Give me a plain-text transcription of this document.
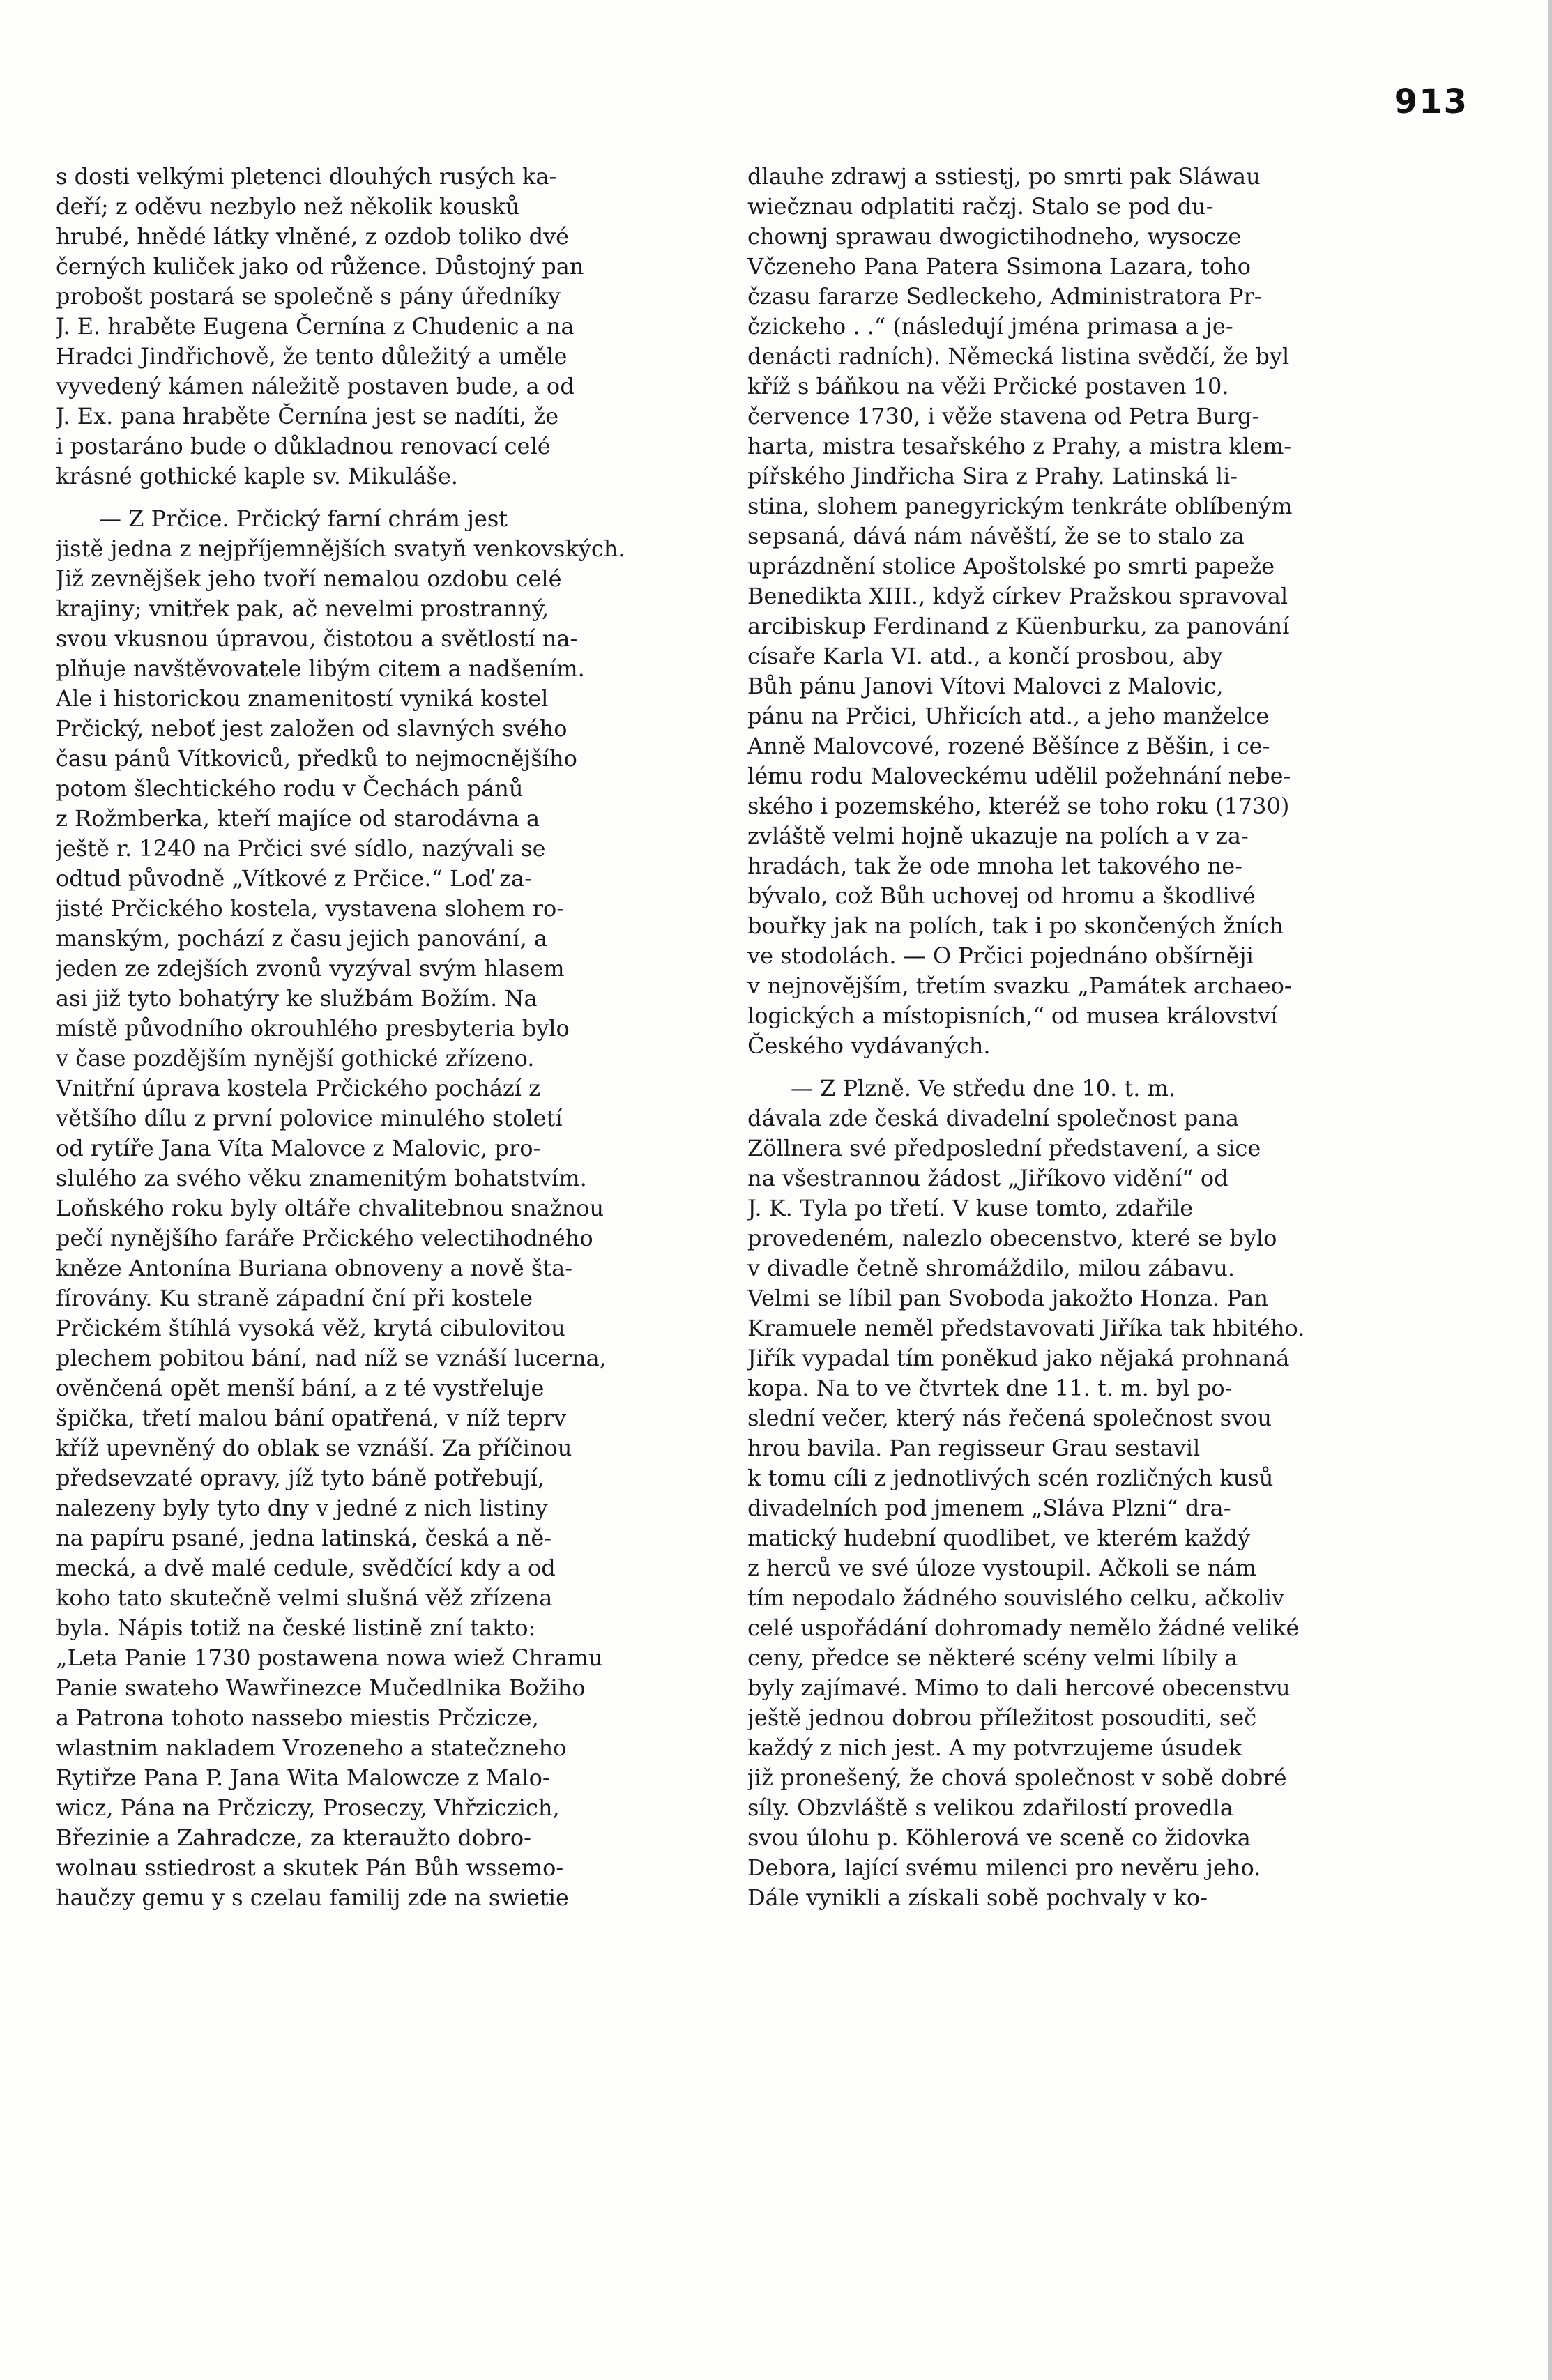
913
s dosti velkými pletenci dlouhých rusých ka-
deří; z oděvu nezbylo než několik kousků
hrubé, hnědé látky vlněné, z ozdob toliko dvé
černých kuliček jako od růžence. Důstojný pan
probošt postará se společně s pány úředníky
J. E. hraběte Eugena Černína z Chudenic a na
Hradci Jindřichově, že tento důležitý a uměle
vyvedený kámen náležitě postaven bude, a od
J. Ex. pana hraběte Černína jest se nadíti, že
i postaráno bude o důkladnou renovací celé
krásné gothické kaple sv. Mikuláše.
— Z Prčice. Prčický farní chrám jest
jistě jedna z nejpříjemnějších svatyň venkovských.
Již zevnějšek jeho tvoří nemalou ozdobu celé
krajiny; vnitřek pak, ač nevelmi prostranný,
svou vkusnou úpravou, čistotou a světlostí na-
plňuje navštěvovatele libým citem a nadšením.
Ale i historickou znamenitostí vyniká kostel
Prčický, neboť jest založen od slavných svého
času pánů Vítkoviců, předků to nejmocnějšího
potom šlechtického rodu v Čechách pánů
z Rožmberka, kteří majíce od starodávna a
ještě r. 1240 na Prčici své sídlo, nazývali se
odtud původně „Vítkové z Prčice.“ Loď za-
jisté Prčického kostela, vystavena slohem ro-
manským, pochází z času jejich panování, a
jeden ze zdejších zvonů vyzýval svým hlasem
asi již tyto bohatýry ke službám Božím. Na
místě původního okrouhlého presbyteria bylo
v čase pozdějším nynější gothické zřízeno.
Vnitřní úprava kostela Prčického pochází z
většího dílu z první polovice minulého století
od rytíře Jana Víta Malovce z Malovic, pro-
slulého za svého věku znamenitým bohatstvím.
Loňského roku byly oltáře chvalitebnou snažnou
pečí nynějšího faráře Prčického velectihodného
kněze Antonína Buriana obnoveny a nově šta-
fírovány. Ku straně západní ční při kostele
Prčickém štíhlá vysoká věž, krytá cibulovitou
plechem pobitou bání, nad níž se vznáší lucerna,
ověnčená opět menší bání, a z té vystřeluje
špička, třetí malou bání opatřená, v níž teprv
kříž upevněný do oblak se vznáší. Za příčinou
předsevzaté opravy, jíž tyto báně potřebují,
nalezeny byly tyto dny v jedné z nich listiny
na papíru psané, jedna latinská, česká a ně-
mecká, a dvě malé cedule, svědčící kdy a od
koho tato skutečně velmi slušná věž zřízena
byla. Nápis totiž na české listině zní takto:
„Leta Panie 1730 postawena nowa wiež Chramu
Panie swateho Wawřinezce Mučedlnika Božiho
a Patrona tohoto nassebo miestis Prčzicze,
wlastnim nakladem Vrozeneho a statečzneho
Rytiřze Pana P. Jana Wita Malowcze z Malo-
wicz, Pána na Prčziczy, Proseczy, Vhřziczich,
Březinie a Zahradcze, za kteraužto dobro-
wolnau sstiedrost a skutek Pán Bůh wssemo-
haučzy gemu y s czelau familij zde na swietie
dlauhe zdrawj a sstiestj, po smrti pak Sláwau
wiečznau odplatiti račzj. Stalo se pod du-
chownj sprawau dwogictihodneho, wysocze
Včzeneho Pana Patera Ssimona Lazara, toho
čzasu fararze Sedleckeho, Administratora Pr-
čzickeho . .“ (následují jména primasa a je-
denácti radních). Německá listina svědčí, že byl
kříž s báňkou na věži Prčické postaven 10.
července 1730, i věže stavena od Petra Burg-
harta, mistra tesařského z Prahy, a mistra klem-
pířského Jindřicha Sira z Prahy. Latinská li-
stina, slohem panegyrickým tenkráte oblíbeným
sepsaná, dává nám návěští, že se to stalo za
uprázdnění stolice Apoštolské po smrti papeže
Benedikta XIII., když církev Pražskou spravoval
arcibiskup Ferdinand z Küenburku, za panování
císaře Karla VI. atd., a končí prosbou, aby
Bůh pánu Janovi Vítovi Malovci z Malovic,
pánu na Prčici, Uhřicích atd., a jeho manželce
Anně Malovcové, rozené Běšínce z Běšin, i ce-
lému rodu Maloveckému udělil požehnání nebe-
ského i pozemského, kteréž se toho roku (1730)
zvláště velmi hojně ukazuje na polích a v za-
hradách, tak že ode mnoha let takového ne-
bývalo, což Bůh uchovej od hromu a škodlivé
bouřky jak na polích, tak i po skončených žních
ve stodolách. — O Prčici pojednáno obšírněji
v nejnovějším, třetím svazku „Památek archaeo-
logických a místopisních,“ od musea království
Českého vydávaných.
— Z Plzně. Ve středu dne 10. t. m.
dávala zde česká divadelní společnost pana
Zöllnera své předposlední představení, a sice
na všestrannou žádost „Jiříkovo vidění“ od
J. K. Tyla po třetí. V kuse tomto, zdařile
provedeném, nalezlo obecenstvo, které se bylo
v divadle četně shromáždilo, milou zábavu.
Velmi se líbil pan Svoboda jakožto Honza. Pan
Kramuele neměl představovati Jiříka tak hbitého.
Jiřík vypadal tím poněkud jako nějaká prohnaná
kopa. Na to ve čtvrtek dne 11. t. m. byl po-
slední večer, který nás řečená společnost svou
hrou bavila. Pan regisseur Grau sestavil
k tomu cíli z jednotlivých scén rozličných kusů
divadelních pod jmenem „Sláva Plzni“ dra-
matický hudební quodlibet, ve kterém každý
z herců ve své úloze vystoupil. Ačkoli se nám
tím nepodalo žádného souvislého celku, ačkoliv
celé uspořádání dohromady nemělo žádné veliké
ceny, předce se některé scény velmi líbily a
byly zajímavé. Mimo to dali hercové obecenstvu
ještě jednou dobrou příležitost posouditi, seč
každý z nich jest. A my potvrzujeme úsudek
již pronešený, že chová společnost v sobě dobré
síly. Obzvláště s velikou zdařilostí provedla
svou úlohu p. Köhlerová ve sceně co židovka
Debora, lající svému milenci pro nevěru jeho.
Dále vynikli a získali sobě pochvaly v ko-
